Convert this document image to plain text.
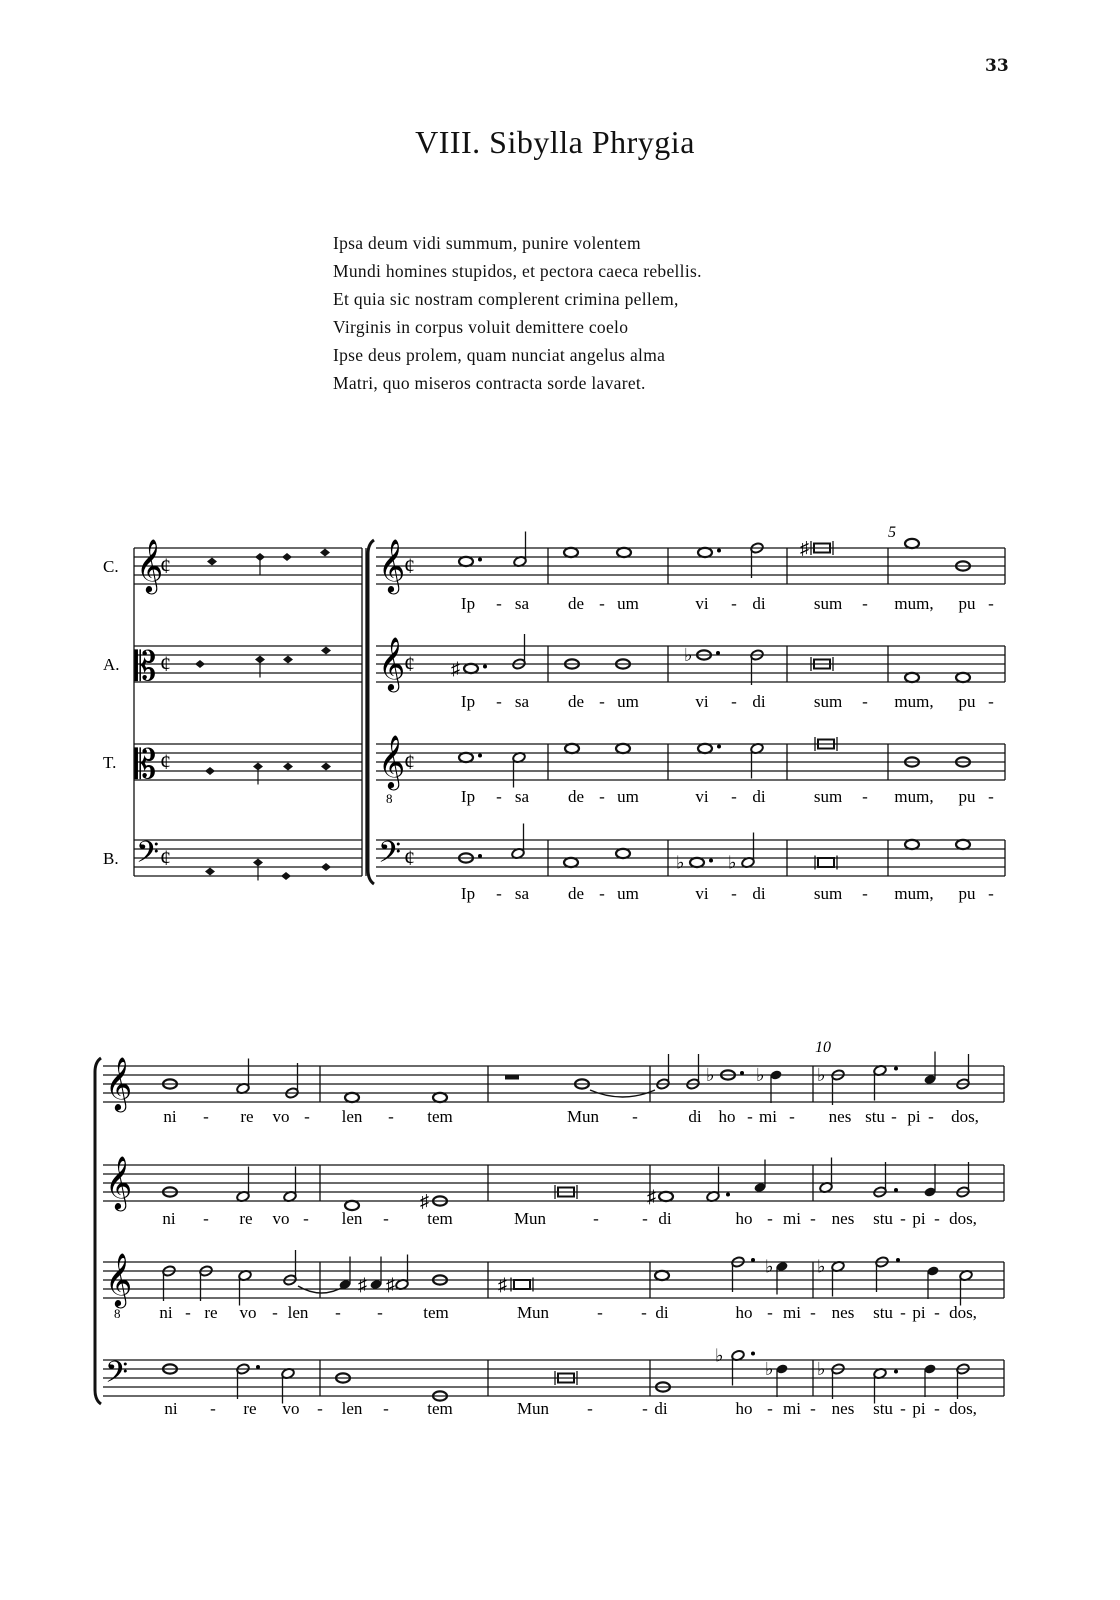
33
VIII. Sibylla Phrygia
Ipsa deum vidi summum, punire volentem
Mundi homines stupidos, et pectora caeca rebellis.
Et quia sic nostram complerent crimina pellem,
Virginis in corpus voluit demittere coelo
Ipse deus prolem, quam nunciat angelus alma
Matri, quo miseros contracta sorde lavaret.
C. 𝄞
¢
A. 𝄡 ¢
T. 𝄡 ¢
B. 𝄢 ¢
𝄞
¢
𝄞
¢
𝄞
¢
𝄢 ¢
8
5
♯
♯
♭
♭ ♭
Ip - sa de - um	vi - di	sum - mum, pu -
Ip - sa de - um	vi - di	sum - mum, pu -
Ip - sa de - um	vi - di	sum - mum, pu -
Ip - sa de - um	vi - di	sum - mum, pu -
𝄞
𝄞
𝄞
𝄢
8
10
♭ ♭	♭
♯	♯
♯ ♯	♯
♭ ♭
♭
♭ ♭
ni - re vo - len - tem	Mun -	di ho - mi - nes stu - pi - dos,
ni - re vo - len - tem	Mun	-	- di	ho - mi - nes stu - pi - dos,
ni - re vo - len - - tem	Mun	- - di	ho - mi - nes stu - pi - dos,
ni - re vo - len - tem	Mun -	- di	ho - mi - nes stu - pi - dos,
